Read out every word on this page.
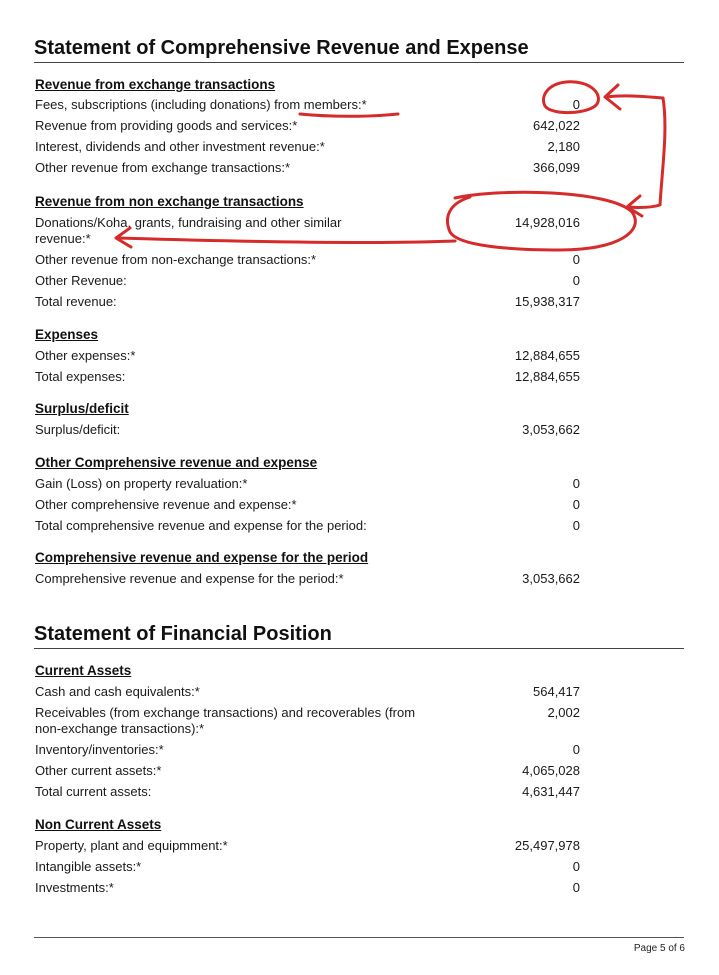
Statement of Comprehensive Revenue and Expense
Revenue from exchange transactions
Fees, subscriptions (including donations) from members:*	0
Revenue from providing goods and services:*	642,022
Interest, dividends and other investment revenue:*	2,180
Other revenue from exchange transactions:*	366,099
Revenue from non exchange transactions
Donations/Koha, grants, fundraising and other similar revenue:*
14,928,016
Other revenue from non-exchange transactions:*	0
Other Revenue:	0
Total revenue:	15,938,317
Expenses
Other expenses:*	12,884,655
Total expenses:	12,884,655
Surplus/deficit
Surplus/deficit:	3,053,662
Other Comprehensive revenue and expense
Gain (Loss) on property revaluation:*	0
Other comprehensive revenue and expense:*	0
Total comprehensive revenue and expense for the period:	0
Comprehensive revenue and expense for the period
Comprehensive revenue and expense for the period:*	3,053,662
Statement of Financial Position
Current Assets
Cash and cash equivalents:*	564,417
Receivables (from exchange transactions) and recoverables (from non-exchange transactions):*
2,002
Inventory/inventories:*	0
Other current assets:*	4,065,028
Total current assets:	4,631,447
Non Current Assets
Property, plant and equipmment:*	25,497,978
Intangible assets:*	0
Investments:*	0
Page 5 of 6
